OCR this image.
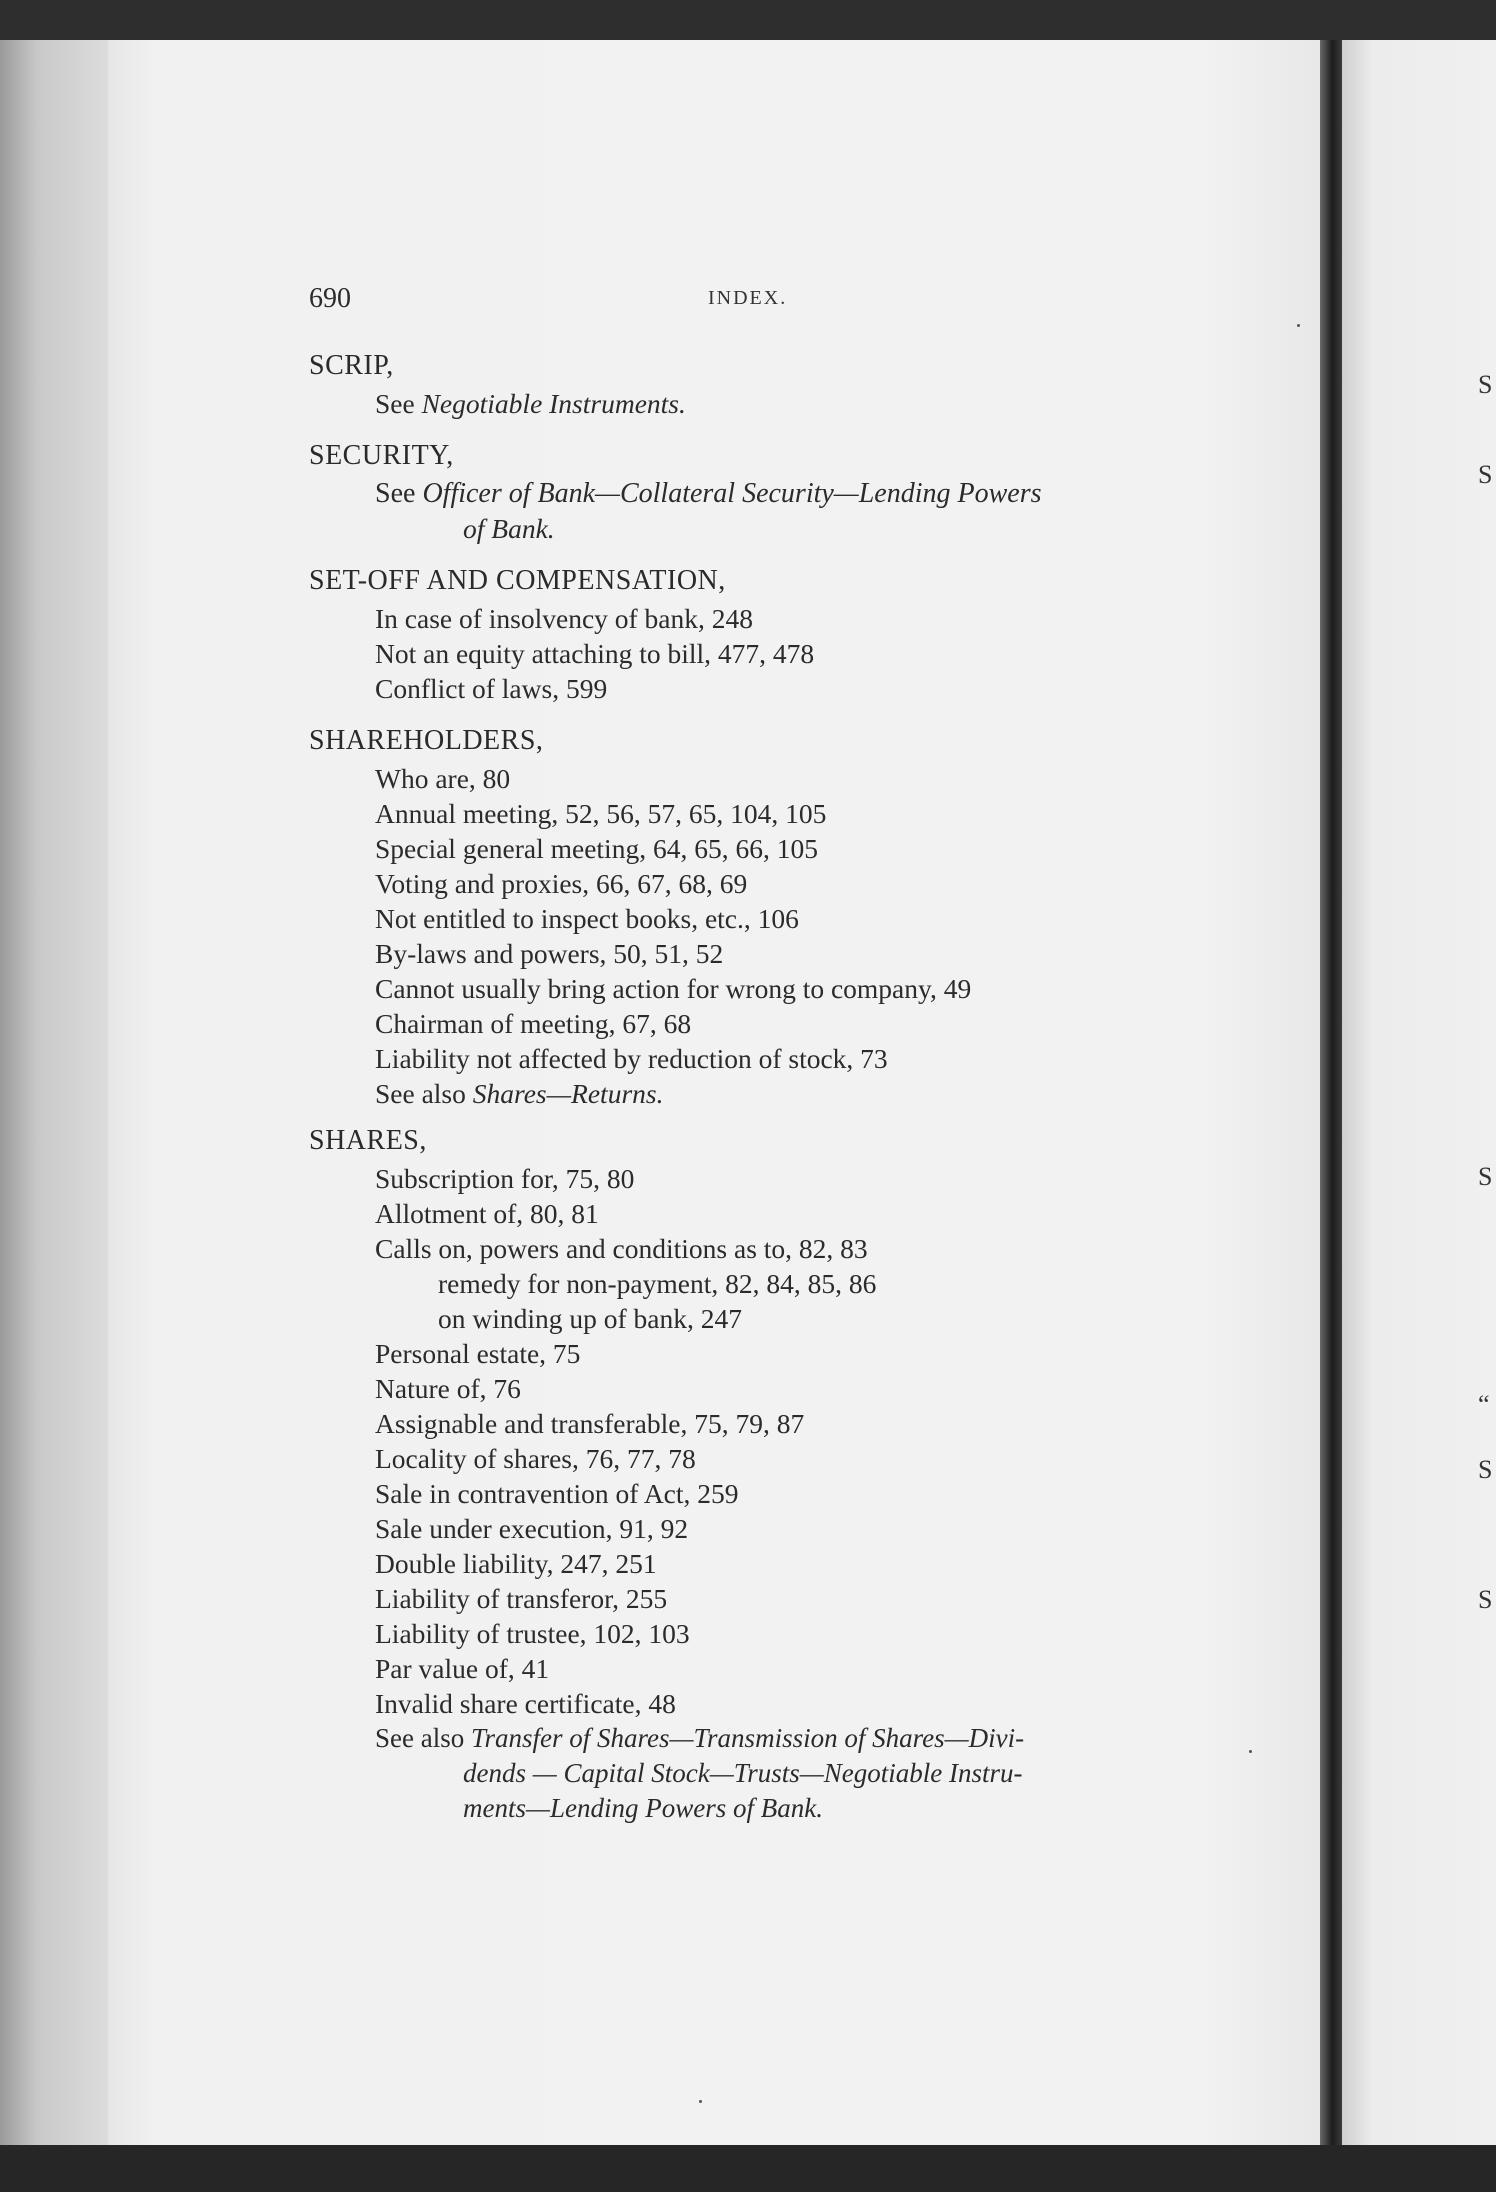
690	INDEX.
SCRIP,
See Negotiable Instruments.
SECURITY,
See Officer of Bank—Collateral Security—Lending Powers
of Bank.
SET-OFF AND COMPENSATION,
In case of insolvency of bank, 248
Not an equity attaching to bill, 477, 478
Conflict of laws, 599
SHAREHOLDERS,
Who are, 80
Annual meeting, 52, 56, 57, 65, 104, 105
Special general meeting, 64, 65, 66, 105
Voting and proxies, 66, 67, 68, 69
Not entitled to inspect books, etc., 106
By-laws and powers, 50, 51, 52
Cannot usually bring action for wrong to company, 49
Chairman of meeting, 67, 68
Liability not affected by reduction of stock, 73
See also Shares—Returns.
SHARES,
Subscription for, 75, 80
Allotment of, 80, 81
Calls on, powers and conditions as to, 82, 83
remedy for non-payment, 82, 84, 85, 86
on winding up of bank, 247
Personal estate, 75
Nature of, 76
Assignable and transferable, 75, 79, 87
Locality of shares, 76, 77, 78
Sale in contravention of Act, 259
Sale under execution, 91, 92
Double liability, 247, 251
Liability of transferor, 255
Liability of trustee, 102, 103
Par value of, 41
Invalid share certificate, 48
See also Transfer of Shares—Transmission of Shares—Divi-
dends — Capital Stock—Trusts—Negotiable Instru-
ments—Lending Powers of Bank.
S
S
S
“
S
S
